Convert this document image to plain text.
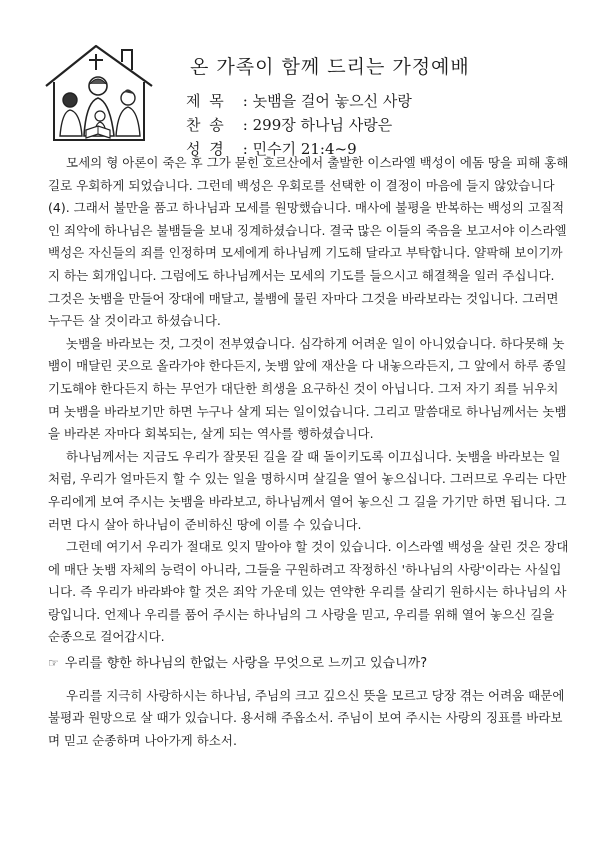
온 가족이 함께 드리는 가정예배
제 목 : 놋뱀을 걸어 놓으신 사랑
찬 송 : 299장 하나님 사랑은
성 경 : 민수기 21:4~9

모세의 형 아론이 죽은 후 그가 묻힌 호르산에서 출발한 이스라엘 백성이 에돔 땅을 피해 홍해 길로 우회하게 되었습니다. 그런데 백성은 우회로를 선택한 이 결정이 마음에 들지 않았습니다(4). 그래서 불만을 품고 하나님과 모세를 원망했습니다. 매사에 불평을 반복하는 백성의 고질적인 죄악에 하나님은 불뱀들을 보내 징계하셨습니다. 결국 많은 이들의 죽음을 보고서야 이스라엘 백성은 자신들의 죄를 인정하며 모세에게 하나님께 기도해 달라고 부탁합니다. 얄팍해 보이기까지 하는 회개입니다. 그럼에도 하나님께서는 모세의 기도를 들으시고 해결책을 일러 주십니다. 그것은 놋뱀을 만들어 장대에 매달고, 불뱀에 물린 자마다 그것을 바라보라는 것입니다. 그러면 누구든 살 것이라고 하셨습니다.

놋뱀을 바라보는 것, 그것이 전부였습니다. 심각하게 어려운 일이 아니었습니다. 하다못해 놋뱀이 매달린 곳으로 올라가야 한다든지, 놋뱀 앞에 재산을 다 내놓으라든지, 그 앞에서 하루 종일 기도해야 한다든지 하는 무언가 대단한 희생을 요구하신 것이 아닙니다. 그저 자기 죄를 뉘우치며 놋뱀을 바라보기만 하면 누구나 살게 되는 일이었습니다. 그리고 말씀대로 하나님께서는 놋뱀을 바라본 자마다 회복되는, 살게 되는 역사를 행하셨습니다.

하나님께서는 지금도 우리가 잘못된 길을 갈 때 돌이키도록 이끄십니다. 놋뱀을 바라보는 일처럼, 우리가 얼마든지 할 수 있는 일을 명하시며 살길을 열어 놓으십니다. 그러므로 우리는 다만 우리에게 보여 주시는 놋뱀을 바라보고, 하나님께서 열어 놓으신 그 길을 가기만 하면 됩니다. 그러면 다시 살아 하나님이 준비하신 땅에 이를 수 있습니다.

그런데 여기서 우리가 절대로 잊지 말아야 할 것이 있습니다. 이스라엘 백성을 살린 것은 장대에 매단 놋뱀 자체의 능력이 아니라, 그들을 구원하려고 작정하신 '하나님의 사랑'이라는 사실입니다. 즉 우리가 바라봐야 할 것은 죄악 가운데 있는 연약한 우리를 살리기 원하시는 하나님의 사랑입니다. 언제나 우리를 품어 주시는 하나님의 그 사랑을 믿고, 우리를 위해 열어 놓으신 길을 순종으로 걸어갑시다.

☞ 우리를 향한 하나님의 한없는 사랑을 무엇으로 느끼고 있습니까?

우리를 지극히 사랑하시는 하나님, 주님의 크고 깊으신 뜻을 모르고 당장 겪는 어려움 때문에 불평과 원망으로 살 때가 있습니다. 용서해 주옵소서. 주님이 보여 주시는 사랑의 징표를 바라보며 믿고 순종하며 나아가게 하소서.
